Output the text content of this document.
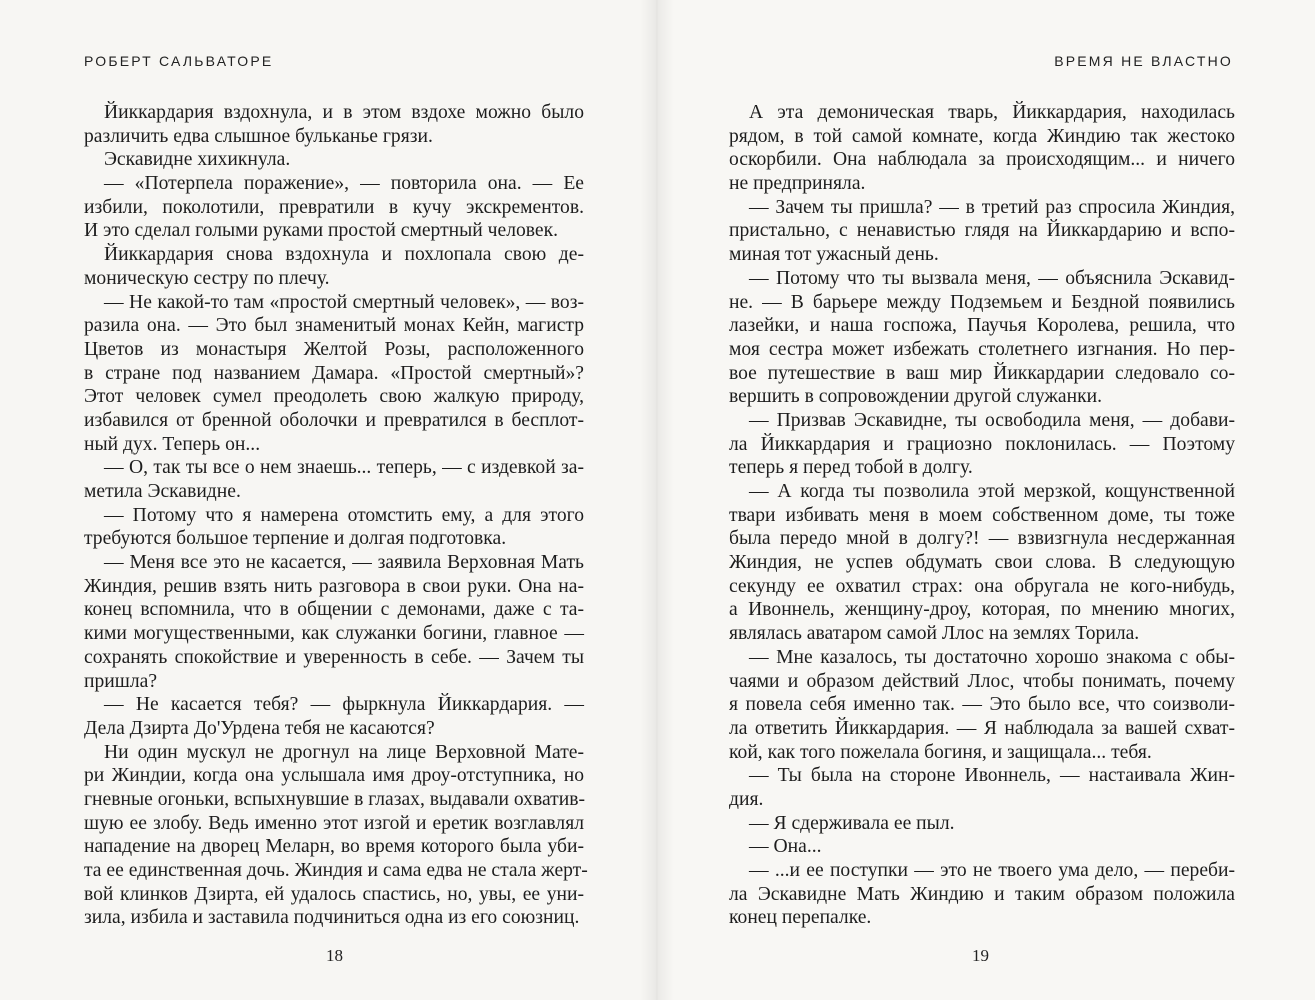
РОБЕРТ САЛЬВАТОРЕ
Йиккардария вздохнула, и в этом вздохе можно было
различить едва слышное бульканье грязи.
Эскавидне хихикнула.
— «Потерпела поражение», — повторила она. — Ее
избили, поколотили, превратили в кучу экскрементов.
И это сделал голыми руками простой смертный человек.
Йиккардария снова вздохнула и похлопала свою де-
моническую сестру по плечу.
— Не какой-то там «простой смертный человек», — воз-
разила она. — Это был знаменитый монах Кейн, магистр
Цветов из монастыря Желтой Розы, расположенного
в стране под названием Дамара. «Простой смертный»?
Этот человек сумел преодолеть свою жалкую природу,
избавился от бренной оболочки и превратился в бесплот-
ный дух. Теперь он...
— О, так ты все о нем знаешь... теперь, — с издевкой за-
метила Эскавидне.
— Потому что я намерена отомстить ему, а для этого
требуются большое терпение и долгая подготовка.
— Меня все это не касается, — заявила Верховная Мать
Жиндия, решив взять нить разговора в свои руки. Она на-
конец вспомнила, что в общении с демонами, даже с та-
кими могущественными, как служанки богини, главное —
сохранять спокойствие и уверенность в себе. — Зачем ты
пришла?
— Не касается тебя? — фыркнула Йиккардария. —
Дела Дзирта До'Урдена тебя не касаются?
Ни один мускул не дрогнул на лице Верховной Мате-
ри Жиндии, когда она услышала имя дроу-отступника, но
гневные огоньки, вспыхнувшие в глазах, выдавали охватив-
шую ее злобу. Ведь именно этот изгой и еретик возглавлял
нападение на дворец Меларн, во время которого была уби-
та ее единственная дочь. Жиндия и сама едва не стала жерт-
вой клинков Дзирта, ей удалось спастись, но, увы, ее уни-
зила, избила и заставила подчиниться одна из его союзниц.
18
ВРЕМЯ НЕ ВЛАСТНО
А эта демоническая тварь, Йиккардария, находилась
рядом, в той самой комнате, когда Жиндию так жестоко
оскорбили. Она наблюдала за происходящим... и ничего
не предприняла.
— Зачем ты пришла? — в третий раз спросила Жиндия,
пристально, с ненавистью глядя на Йиккардарию и вспо-
миная тот ужасный день.
— Потому что ты вызвала меня, — объяснила Эскавид-
не. — В барьере между Подземьем и Бездной появились
лазейки, и наша госпожа, Паучья Королева, решила, что
моя сестра может избежать столетнего изгнания. Но пер-
вое путешествие в ваш мир Йиккардарии следовало со-
вершить в сопровождении другой служанки.
— Призвав Эскавидне, ты освободила меня, — добави-
ла Йиккардария и грациозно поклонилась. — Поэтому
теперь я перед тобой в долгу.
— А когда ты позволила этой мерзкой, кощунственной
твари избивать меня в моем собственном доме, ты тоже
была передо мной в долгу?! — взвизгнула несдержанная
Жиндия, не успев обдумать свои слова. В следующую
секунду ее охватил страх: она обругала не кого-нибудь,
а Ивоннель, женщину-дроу, которая, по мнению многих,
являлась аватаром самой Ллос на землях Торила.
— Мне казалось, ты достаточно хорошо знакома с обы-
чаями и образом действий Ллос, чтобы понимать, почему
я повела себя именно так. — Это было все, что соизволи-
ла ответить Йиккардария. — Я наблюдала за вашей схват-
кой, как того пожелала богиня, и защищала... тебя.
— Ты была на стороне Ивоннель, — настаивала Жин-
дия.
— Я сдерживала ее пыл.
— Она...
— ...и ее поступки — это не твоего ума дело, — переби-
ла Эскавидне Мать Жиндию и таким образом положила
конец перепалке.
19
